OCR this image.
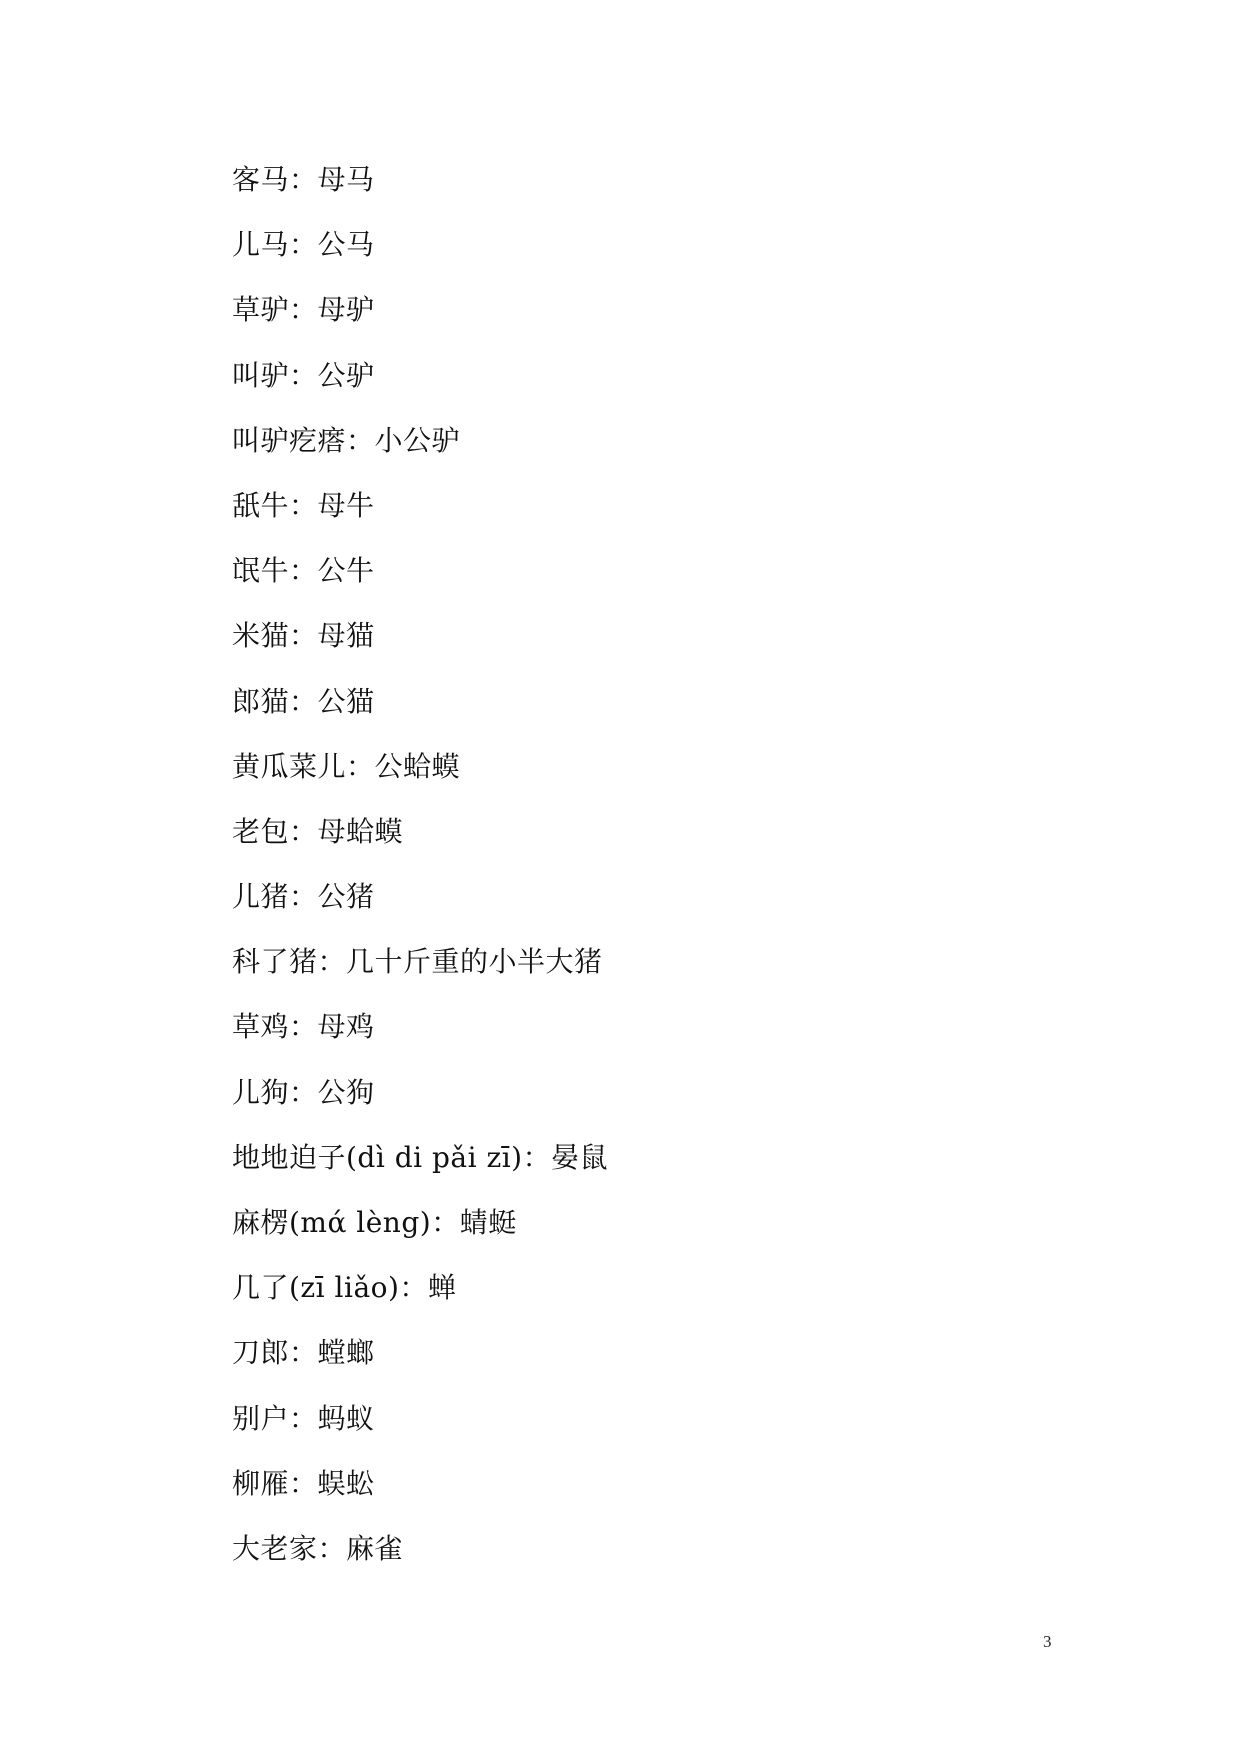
客马：母马
儿马：公马
草驴：母驴
叫驴：公驴
叫驴疙瘩：小公驴
舐牛：母牛
氓牛：公牛
米猫：母猫
郎猫：公猫
黄瓜菜儿：公蛤蟆
老包：母蛤蟆
儿猪：公猪
科了猪：几十斤重的小半大猪
草鸡：母鸡
儿狗：公狗
地地迫子(dì di pǎi zī)：晏鼠
麻楞(mά lèng)：蜻蜓
几了(zī liǎo)：蝉
刀郎：螳螂
别户：蚂蚁
柳雁：蜈蚣
大老家：麻雀
3
